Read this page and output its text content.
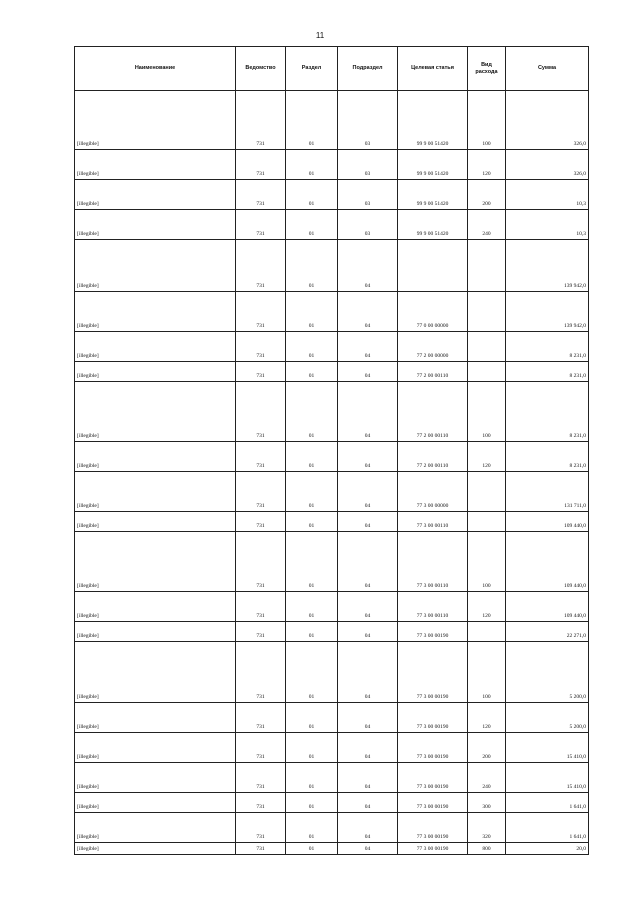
11
Наименование	Ведомство	Раздел	Подраздел	Целевая статья	Вид расхода	Сумма
[illegible]	731	01	03	99 9 00 51420	100	326,0
[illegible]	731	01	03	99 9 00 51420	120	326,0
[illegible]	731	01	03	99 9 00 51420	200	10,3
[illegible]	731	01	03	99 9 00 51420	240	10,3
[illegible]	731	01	04			139 942,0
[illegible]	731	01	04	77 0 00 00000		139 942,0
[illegible]	731	01	04	77 2 00 00000		8 231,0
[illegible]	731	01	04	77 2 00 00110		8 231,0
[illegible]	731	01	04	77 2 00 00110	100	8 231,0
[illegible]	731	01	04	77 2 00 00110	120	8 231,0
[illegible]	731	01	04	77 3 00 00000		131 711,0
[illegible]	731	01	04	77 3 00 00110		109 440,0
[illegible]	731	01	04	77 3 00 00110	100	109 440,0
[illegible]	731	01	04	77 3 00 00110	120	109 440,0
[illegible]	731	01	04	77 3 00 00190		22 271,0
[illegible]	731	01	04	77 3 00 00190	100	5 200,0
[illegible]	731	01	04	77 3 00 00190	120	5 200,0
[illegible]	731	01	04	77 3 00 00190	200	15 410,0
[illegible]	731	01	04	77 3 00 00190	240	15 410,0
[illegible]	731	01	04	77 3 00 00190	300	1 641,0
[illegible]	731	01	04	77 3 00 00190	320	1 641,0
[illegible]	731	01	04	77 3 00 00190	800	20,0
